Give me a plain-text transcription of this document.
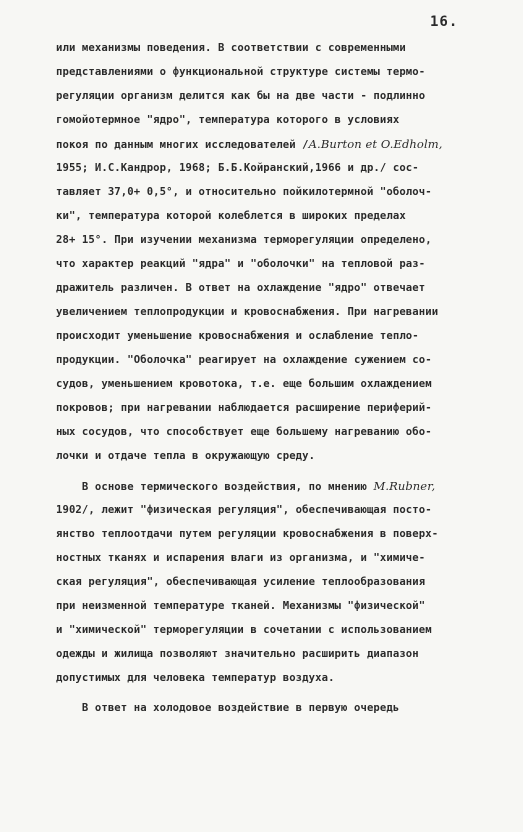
16.
или механизмы поведения. В соответствии с современными
представлениями о функциональной структуре системы термо-
регуляции организм делится как бы на две части - подлинно
гомойотермное "ядро", температура которого в условиях
покоя по данным многих исследователей /A.Burton et O.Edholm,
1955; И.С.Кандрор, 1968; Б.Б.Койранский,1966 и др./ сос-
тавляет 37,0+ 0,5°, и относительно пойкилотермной "оболоч-
ки", температура которой колеблется в широких пределах
28+ 15°. При изучении механизма терморегуляции определено,
что характер реакций "ядра" и "оболочки" на тепловой раз-
дражитель различен. В ответ на охлаждение "ядро" отвечает
увеличением теплопродукции и кровоснабжения. При нагревании
происходит уменьшение кровоснабжения и ослабление тепло-
продукции. "Оболочка" реагирует на охлаждение сужением со-
судов, уменьшением кровотока, т.е. еще большим охлаждением
покровов; при нагревании наблюдается расширение периферий-
ных сосудов, что способствует еще большему нагреванию обо-
лочки и отдаче тепла в окружающую среду.
В основе термического воздействия, по мнению M.Rubner,
1902/, лежит "физическая регуляция", обеспечивающая посто-
янство теплоотдачи путем регуляции кровоснабжения в поверх-
ностных тканях и испарения влаги из организма, и "химиче-
ская регуляция", обеспечивающая усиление теплообразования
при неизменной температуре тканей. Механизмы "физической"
и "химической" терморегуляции в сочетании с использованием
одежды и жилища позволяют значительно расширить диапазон
допустимых для человека температур воздуха.
В ответ на холодовое воздействие в первую очередь
